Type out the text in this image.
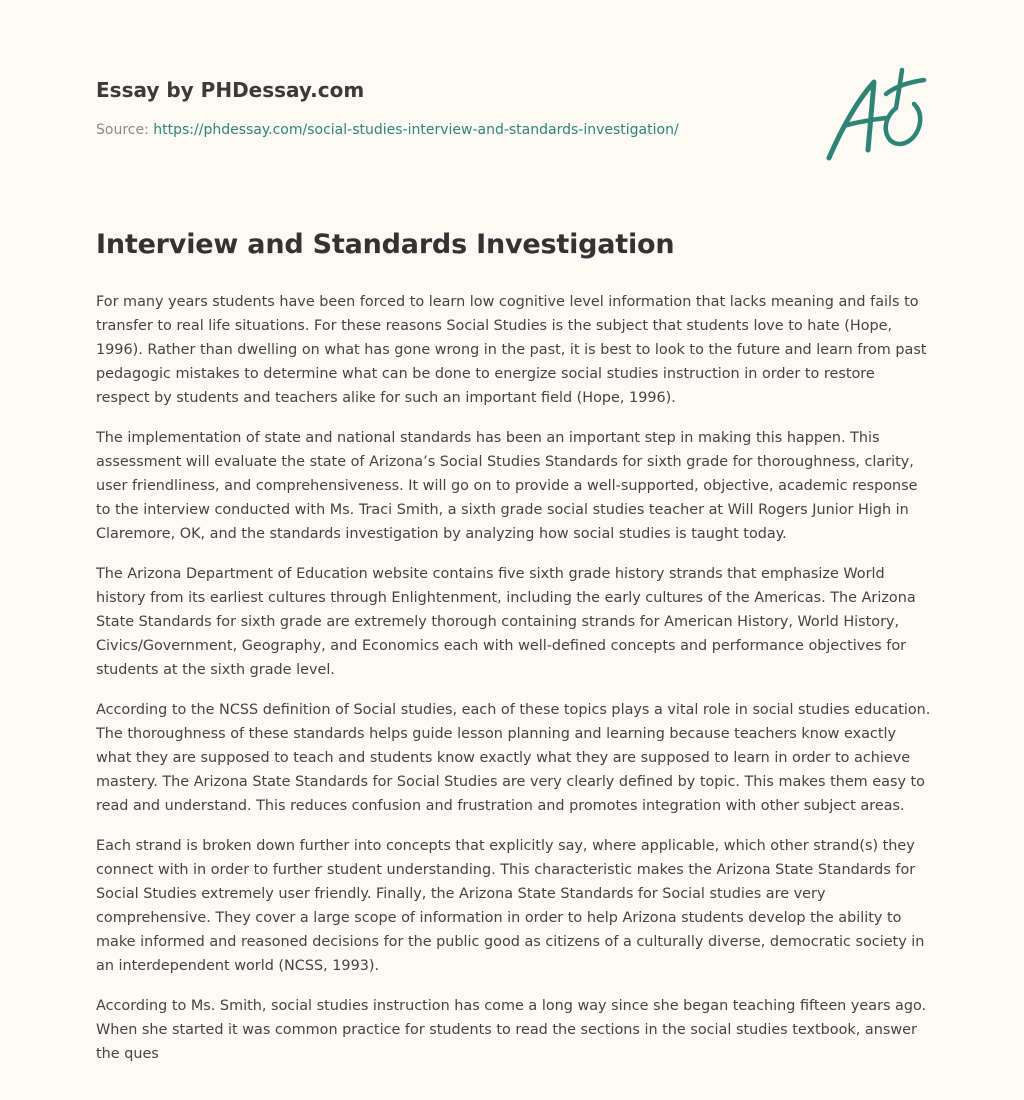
Essay by PHDessay.com
Source: https://phdessay.com/social-studies-interview-and-standards-investigation/
Interview and Standards Investigation

For many years students have been forced to learn low cognitive level information that lacks meaning and fails to transfer to real life situations. For these reasons Social Studies is the subject that students love to hate (Hope, 1996). Rather than dwelling on what has gone wrong in the past, it is best to look to the future and learn from past pedagogic mistakes to determine what can be done to energize social studies instruction in order to restore respect by students and teachers alike for such an important field (Hope, 1996).

The implementation of state and national standards has been an important step in making this happen. This assessment will evaluate the state of Arizona’s Social Studies Standards for sixth grade for thoroughness, clarity, user friendliness, and comprehensiveness. It will go on to provide a well-supported, objective, academic response to the interview conducted with Ms. Traci Smith, a sixth grade social studies teacher at Will Rogers Junior High in Claremore, OK, and the standards investigation by analyzing how social studies is taught today.

The Arizona Department of Education website contains five sixth grade history strands that emphasize World history from its earliest cultures through Enlightenment, including the early cultures of the Americas. The Arizona State Standards for sixth grade are extremely thorough containing strands for American History, World History, Civics/Government, Geography, and Economics each with well-defined concepts and performance objectives for students at the sixth grade level.

According to the NCSS definition of Social studies, each of these topics plays a vital role in social studies education. The thoroughness of these standards helps guide lesson planning and learning because teachers know exactly what they are supposed to teach and students know exactly what they are supposed to learn in order to achieve mastery. The Arizona State Standards for Social Studies are very clearly defined by topic. This makes them easy to read and understand. This reduces confusion and frustration and promotes integration with other subject areas.

Each strand is broken down further into concepts that explicitly say, where applicable, which other strand(s) they connect with in order to further student understanding. This characteristic makes the Arizona State Standards for Social Studies extremely user friendly. Finally, the Arizona State Standards for Social studies are very comprehensive. They cover a large scope of information in order to help Arizona students develop the ability to make informed and reasoned decisions for the public good as citizens of a culturally diverse, democratic society in an interdependent world (NCSS, 1993).

According to Ms. Smith, social studies instruction has come a long way since she began teaching fifteen years ago. When she started it was common practice for students to read the sections in the social studies textbook, answer the ques
